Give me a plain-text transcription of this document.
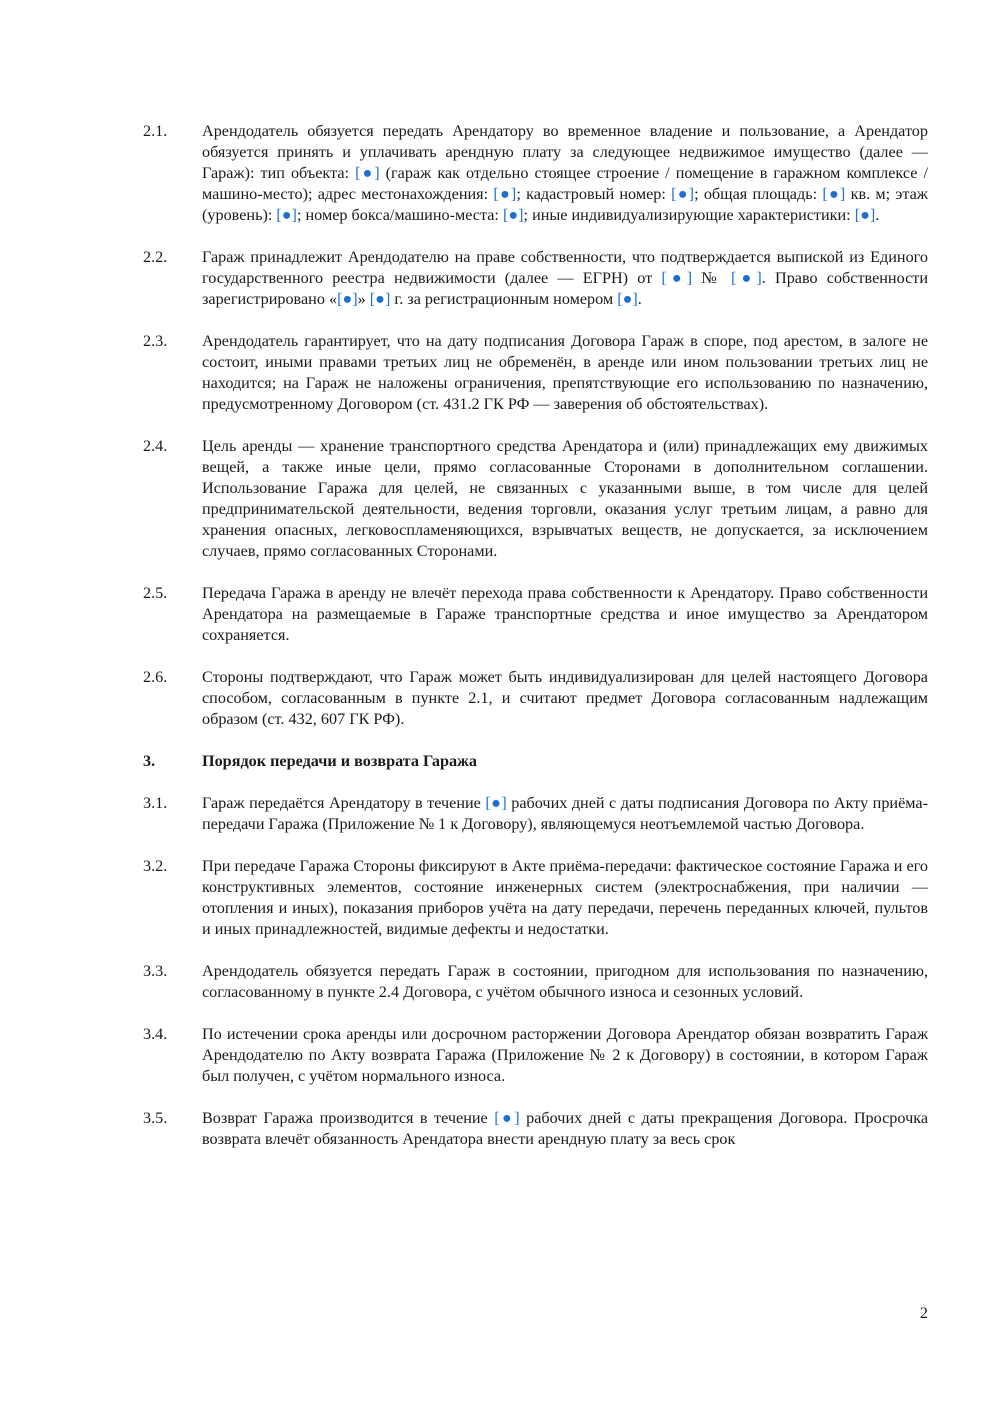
2.1.	Арендодатель обязуется передать Арендатору во временное владение и пользование, а Арендатор обязуется принять и уплачивать арендную плату за следующее недвижимое имущество (далее — Гараж): тип объекта: [●] (гараж как отдельно стоящее строение / помещение в гаражном комплексе / машино-место); адрес местонахождения: [●]; кадастровый номер: [●]; общая площадь: [●] кв. м; этаж (уровень): [●]; номер бокса/машино-места: [●]; иные индивидуализирующие характеристики: [●].
2.2.	Гараж принадлежит Арендодателю на праве собственности, что подтверждается выпиской из Единого государственного реестра недвижимости (далее — ЕГРН) от [●] № [●]. Право собственности зарегистрировано «[●]» [●] г. за регистрационным номером [●].
2.3.	Арендодатель гарантирует, что на дату подписания Договора Гараж в споре, под арестом, в залоге не состоит, иными правами третьих лиц не обременён, в аренде или ином пользовании третьих лиц не находится; на Гараж не наложены ограничения, препятствующие его использованию по назначению, предусмотренному Договором (ст. 431.2 ГК РФ — заверения об обстоятельствах).
2.4.	Цель аренды — хранение транспортного средства Арендатора и (или) принадлежащих ему движимых вещей, а также иные цели, прямо согласованные Сторонами в дополнительном соглашении. Использование Гаража для целей, не связанных с указанными выше, в том числе для целей предпринимательской деятельности, ведения торговли, оказания услуг третьим лицам, а равно для хранения опасных, легковоспламеняющихся, взрывчатых веществ, не допускается, за исключением случаев, прямо согласованных Сторонами.
2.5.	Передача Гаража в аренду не влечёт перехода права собственности к Арендатору. Право собственности Арендатора на размещаемые в Гараже транспортные средства и иное имущество за Арендатором сохраняется.
2.6.	Стороны подтверждают, что Гараж может быть индивидуализирован для целей настоящего Договора способом, согласованным в пункте 2.1, и считают предмет Договора согласованным надлежащим образом (ст. 432, 607 ГК РФ).
3.	Порядок передачи и возврата Гаража
3.1.	Гараж передаётся Арендатору в течение [●] рабочих дней с даты подписания Договора по Акту приёма-передачи Гаража (Приложение № 1 к Договору), являющемуся неотъемлемой частью Договора.
3.2.	При передаче Гаража Стороны фиксируют в Акте приёма-передачи: фактическое состояние Гаража и его конструктивных элементов, состояние инженерных систем (электроснабжения, при наличии — отопления и иных), показания приборов учёта на дату передачи, перечень переданных ключей, пультов и иных принадлежностей, видимые дефекты и недостатки.
3.3.	Арендодатель обязуется передать Гараж в состоянии, пригодном для использования по назначению, согласованному в пункте 2.4 Договора, с учётом обычного износа и сезонных условий.
3.4.	По истечении срока аренды или досрочном расторжении Договора Арендатор обязан возвратить Гараж Арендодателю по Акту возврата Гаража (Приложение № 2 к Договору) в состоянии, в котором Гараж был получен, с учётом нормального износа.
3.5.	Возврат Гаража производится в течение [●] рабочих дней с даты прекращения Договора. Просрочка возврата влечёт обязанность Арендатора внести арендную плату за весь срок
2
